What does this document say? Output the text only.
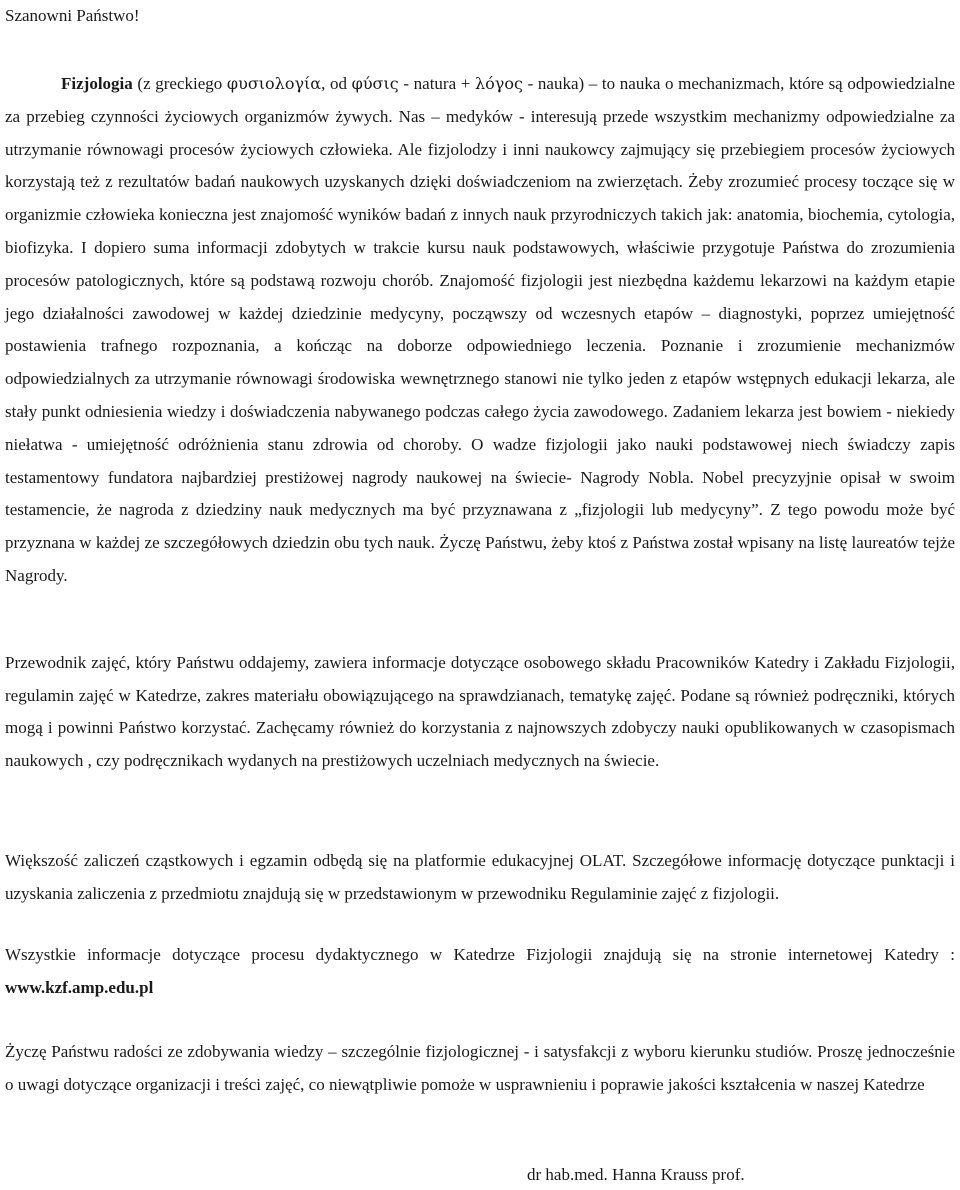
Szanowni Państwo!

Fizjologia (z greckiego φυσιολογία, od φύσις - natura + λόγος - nauka) – to nauka o mechanizmach, które są odpowiedzialne za przebieg czynności życiowych organizmów żywych. Nas – medyków - interesują przede wszystkim mechanizmy odpowiedzialne za utrzymanie równowagi procesów życiowych człowieka. Ale fizjolodzy i inni naukowcy zajmujący się przebiegiem procesów życiowych korzystają też z rezultatów badań naukowych uzyskanych dzięki doświadczeniom na zwierzętach. Żeby zrozumieć procesy toczące się w organizmie człowieka konieczna jest znajomość wyników badań z innych nauk przyrodniczych takich jak: anatomia, biochemia, cytologia, biofizyka. I dopiero suma informacji zdobytych w trakcie kursu nauk podstawowych, właściwie przygotuje Państwa do zrozumienia procesów patologicznych, które są podstawą rozwoju chorób. Znajomość fizjologii jest niezbędna każdemu lekarzowi na każdym etapie jego działalności zawodowej w każdej dziedzinie medycyny, począwszy od wczesnych etapów – diagnostyki, poprzez umiejętność postawienia trafnego rozpoznania, a kończąc na doborze odpowiedniego leczenia. Poznanie i zrozumienie mechanizmów odpowiedzialnych za utrzymanie równowagi środowiska wewnętrznego stanowi nie tylko jeden z etapów wstępnych edukacji lekarza, ale stały punkt odniesienia wiedzy i doświadczenia nabywanego podczas całego życia zawodowego. Zadaniem lekarza jest bowiem - niekiedy niełatwa - umiejętność odróżnienia stanu zdrowia od choroby. O wadze fizjologii jako nauki podstawowej niech świadczy zapis testamentowy fundatora najbardziej prestiżowej nagrody naukowej na świecie- Nagrody Nobla. Nobel precyzyjnie opisał w swoim testamencie, że nagroda z dziedziny nauk medycznych ma być przyznawana z „fizjologii lub medycyny”. Z tego powodu może być przyznana w każdej ze szczegółowych dziedzin obu tych nauk. Życzę Państwu, żeby ktoś z Państwa został wpisany na listę laureatów tejże Nagrody.

Przewodnik zajęć, który Państwu oddajemy, zawiera informacje dotyczące osobowego składu Pracowników Katedry i Zakładu Fizjologii, regulamin zajęć w Katedrze, zakres materiału obowiązującego na sprawdzianach, tematykę zajęć. Podane są również podręczniki, których mogą i powinni Państwo korzystać. Zachęcamy również do korzystania z najnowszych zdobyczy nauki opublikowanych w czasopismach naukowych , czy podręcznikach wydanych na prestiżowych uczelniach medycznych na świecie.

Większość zaliczeń cząstkowych i egzamin odbędą się na platformie edukacyjnej OLAT. Szczegółowe informację dotyczące punktacji i uzyskania zaliczenia z przedmiotu znajdują się w przedstawionym w przewodniku Regulaminie zajęć z fizjologii.

Wszystkie informacje dotyczące procesu dydaktycznego w Katedrze Fizjologii znajdują się na stronie internetowej Katedry : www.kzf.amp.edu.pl

Życzę Państwu radości ze zdobywania wiedzy – szczególnie fizjologicznej - i satysfakcji z wyboru kierunku studiów. Proszę jednocześnie o uwagi dotyczące organizacji i treści zajęć, co niewątpliwie pomoże w usprawnieniu i poprawie jakości kształcenia w naszej Katedrze

dr hab.med. Hanna Krauss prof.
